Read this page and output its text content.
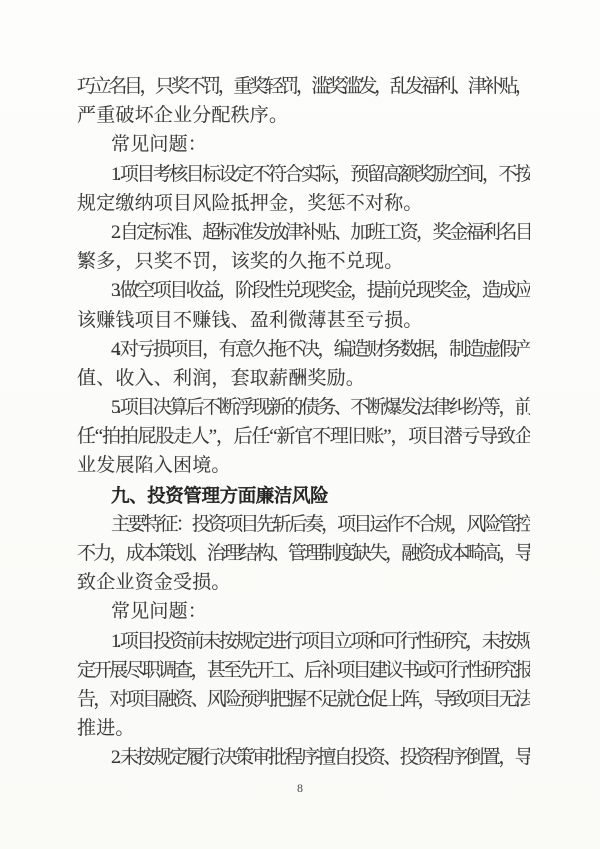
巧立名目，只奖不罚，重奖轻罚，滥奖滥发，乱发福利、津补贴，
严重破坏企业分配秩序。
常见问题：
1. 项目考核目标设定不符合实际，预留高额奖励空间，不按
规定缴纳项目风险抵押金，奖惩不对称。
2. 自定标准、超标准发放津补贴、加班工资，奖金福利名目
繁多，只奖不罚，该奖的久拖不兑现。
3. 做空项目收益，阶段性兑现奖金，提前兑现奖金，造成应
该赚钱项目不赚钱、盈利微薄甚至亏损。
4. 对亏损项目，有意久拖不决，编造财务数据，制造虚假产
值、收入、利润，套取薪酬奖励。
5. 项目决算后不断浮现新的债务、不断爆发法律纠纷等，前
任“拍拍屁股走人”，后任“新官不理旧账”，项目潜亏导致企
业发展陷入困境。
九、投资管理方面廉洁风险
主要特征：投资项目先斩后奏，项目运作不合规，风险管控
不力，成本策划、治理结构、管理制度缺失，融资成本畸高，导
致企业资金受损。
常见问题：
1. 项目投资前未按规定进行项目立项和可行性研究，未按规
定开展尽职调查，甚至先开工、后补项目建议书或可行性研究报
告，对项目融资、风险预判把握不足就仓促上阵，导致项目无法
推进。
2. 未按规定履行决策审批程序擅自投资、投资程序倒置，导
8
